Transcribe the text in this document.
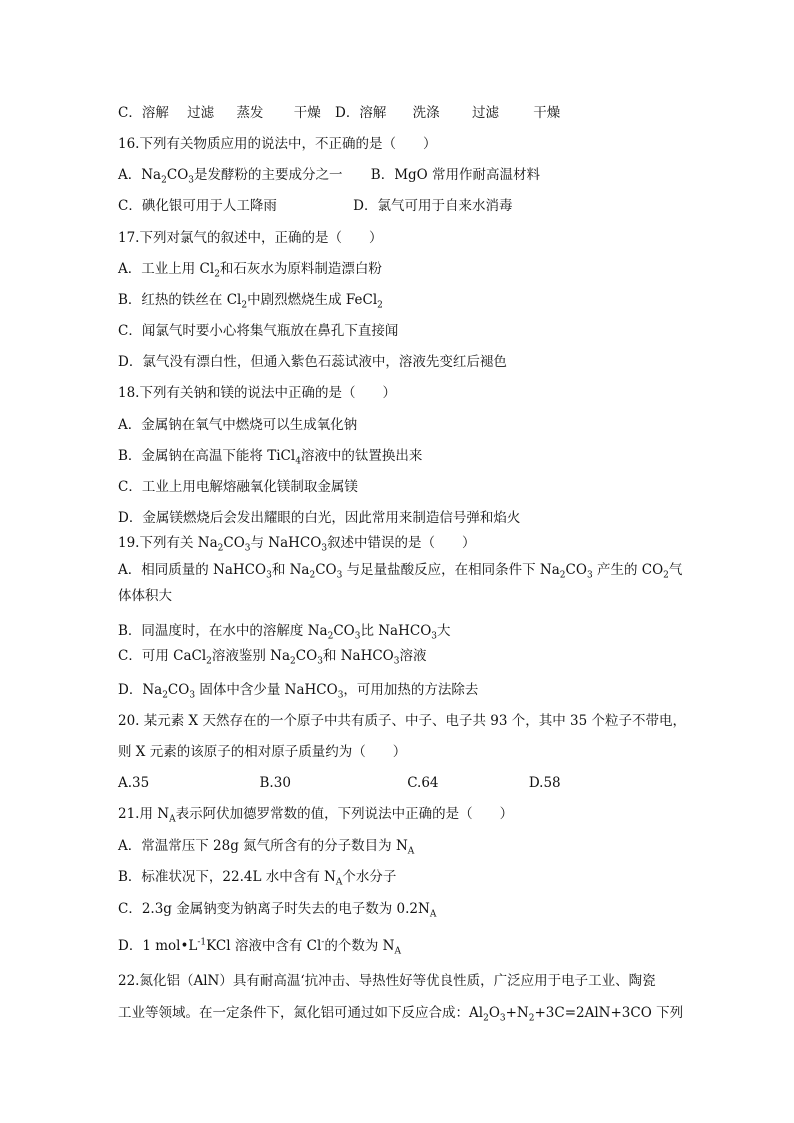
C．溶解 过滤 蒸发 干燥 D．溶解 洗涤 过滤	干燥
16.下列有关物质应用的说法中，不正确的是（　　）
A．$Na_2CO_3$是发酵粉的主要成分之一 B．MgO 常用作耐高温材料
C．碘化银可用于人工降雨	D．氯气可用于自来水消毒
17.下列对氯气的叙述中，正确的是（　　）
A．工业上用 $Cl_2$和石灰水为原料制造漂白粉
B．红热的铁丝在 $Cl_2$中剧烈燃烧生成 FeCl$_2$
C．闻氯气时要小心将集气瓶放在鼻孔下直接闻
D．氯气没有漂白性，但通入紫色石蕊试液中，溶液先变红后褪色
18.下列有关钠和镁的说法中正确的是（　　）
A．金属钠在氧气中燃烧可以生成氧化钠
B．金属钠在高温下能将 TiCl$_4$溶液中的钛置换出来
C．工业上用电解熔融氧化镁制取金属镁
D．金属镁燃烧后会发出耀眼的白光，因此常用来制造信号弹和焰火
19.下列有关 $Na_2CO_3$与 NaHCO$_3$叙述中错误的是（　　）
A．相同质量的 NaHCO$_3$和 $Na_2CO_3$ 与足量盐酸反应，在相同条件下 $Na_2CO_3$ 产生的 $CO_2$气
体体积大
B．同温度时，在水中的溶解度 $Na_2CO_3$比 NaHCO$_3$大
C．可用 CaCl$_2$溶液鉴别 $Na_2CO_3$和 NaHCO$_3$溶液
D．$Na_2CO_3$ 固体中含少量 NaHCO$_3$，可用加热的方法除去
20. 某元素 X 天然存在的一个原子中共有质子、中子、电子共 93 个，其中 35 个粒子不带电，
则 X 元素的该原子的相对原子质量约为（　　）
A.35	B.30	C.64	D.58
21.用 $N_A$表示阿伏加德罗常数的值，下列说法中正确的是（　　）
A．常温常压下 28g 氮气所含有的分子数目为 $N_A$
B．标准状况下，22.4L 水中含有 $N_A$个水分子
C．2.3g 金属钠变为钠离子时失去的电子数为 $0.2N_A$
D．1 $mol•L^{-1}KCl$ 溶液中含有 Cl-的个数为 $N_A$
22.氮化铝（AlN）具有耐高温‘抗冲击、导热性好等优良性质，广泛应用于电子工业、陶瓷
工业等领域。在一定条件下，氮化铝可通过如下反应合成：$Al_2O_3+N_2+3C=2AlN+3CO$ 下列
